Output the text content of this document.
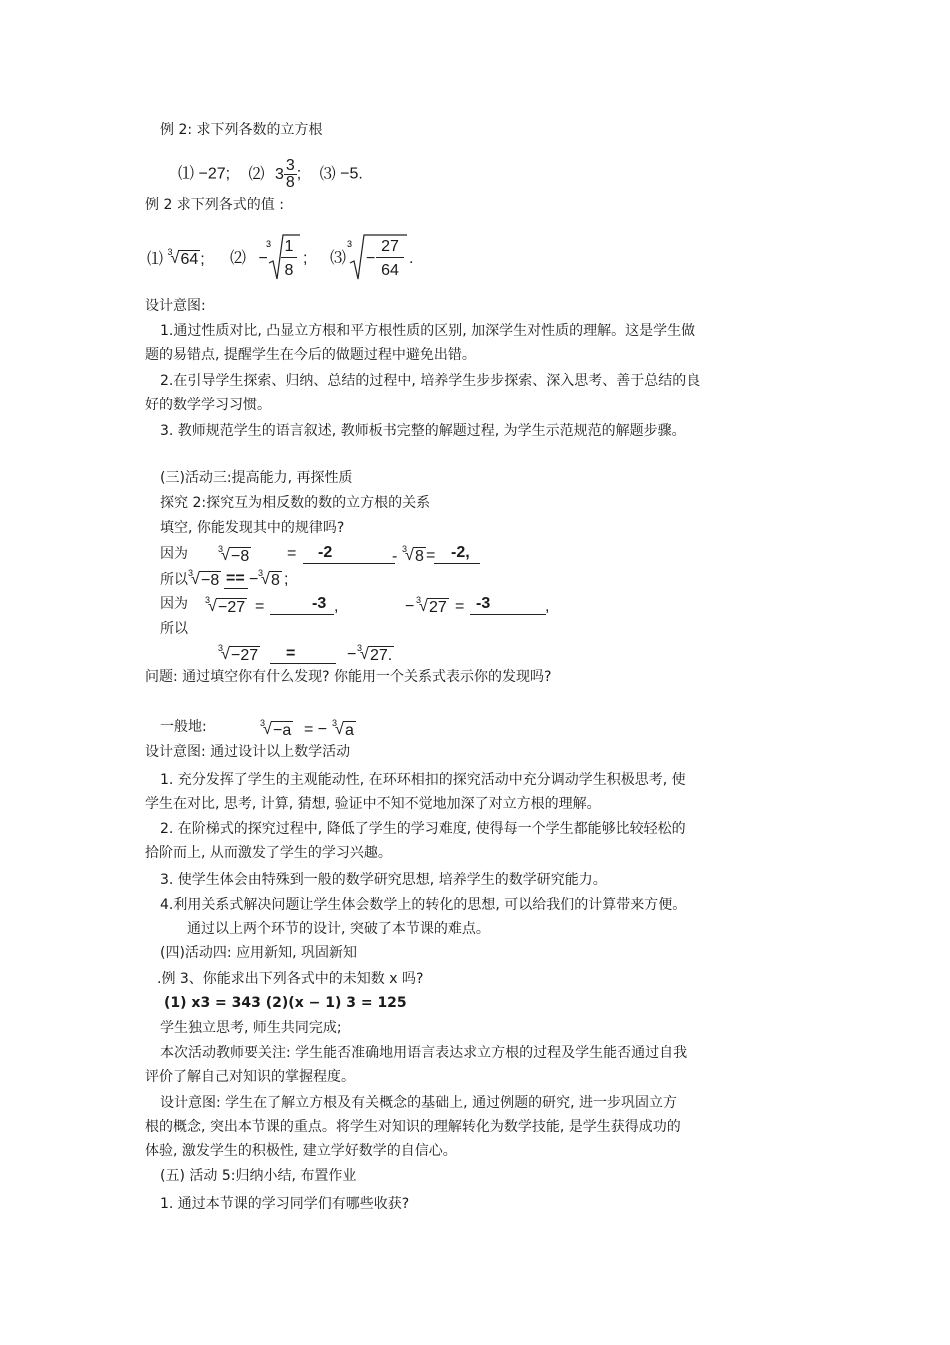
例 2: 求下列各数的立方根
⑴ −27; ⑵ $3 \frac{3}{8}$ ; ⑶ −5.
例 2 求下列各式的值 :
⑴ 3
√ 64 ; ⑵ −
3 1
8
; ⑶
3
−
27
64
.
设计意图:
1.通过性质对比, 凸显立方根和平方根性质的区别, 加深学生对性质的理解。这是学生做
题的易错点, 提醒学生在今后的做题过程中避免出错。
2.在引导学生探索、归纳、总结的过程中, 培养学生步步探索、深入思考、善于总结的良
好的数学学习习惯。
3. 教师规范学生的语言叙述, 教师板书完整的解题过程, 为学生示范规范的解题步骤。
(三)活动三:提高能力, 再探性质
探究 2:探究互为相反数的数的立方根的关系
填空, 你能发现其中的规律吗?
因为	3
√ −8 = -2	- 3
√ 8 = -2,
所以 3
√ −8 == − 3
√ 8 ;
因为 3
√ −27 =	-3 ,	− 3
√ 27 = -3	,
所以
3
√ −27 =	− 3
√ 27.
问题: 通过填空你有什么发现? 你能用一个关系式表示你的发现吗?
一般地:	3
√ −a = − 3
√ a
设计意图: 通过设计以上数学活动
1. 充分发挥了学生的主观能动性, 在环环相扣的探究活动中充分调动学生积极思考, 使
学生在对比, 思考, 计算, 猜想, 验证中不知不觉地加深了对立方根的理解。
2. 在阶梯式的探究过程中, 降低了学生的学习难度, 使得每一个学生都能够比较轻松的
拾阶而上, 从而激发了学生的学习兴趣。
3. 使学生体会由特殊到一般的数学研究思想, 培养学生的数学研究能力。
4.利用关系式解决问题让学生体会数学上的转化的思想, 可以给我们的计算带来方便。
通过以上两个环节的设计, 突破了本节课的难点。
(四)活动四: 应用新知, 巩固新知
.例 3、你能求出下列各式中的未知数 x 吗?
(1) x3 = 343 (2)(x − 1) 3 = 125
学生独立思考, 师生共同完成;
本次活动教师要关注: 学生能否准确地用语言表达求立方根的过程及学生能否通过自我
评价了解自己对知识的掌握程度。
设计意图: 学生在了解立方根及有关概念的基础上, 通过例题的研究, 进一步巩固立方
根的概念, 突出本节课的重点。将学生对知识的理解转化为数学技能, 是学生获得成功的
体验, 激发学生的积极性, 建立学好数学的自信心。
(五) 活动 5:归纳小结, 布置作业
1. 通过本节课的学习同学们有哪些收获?
